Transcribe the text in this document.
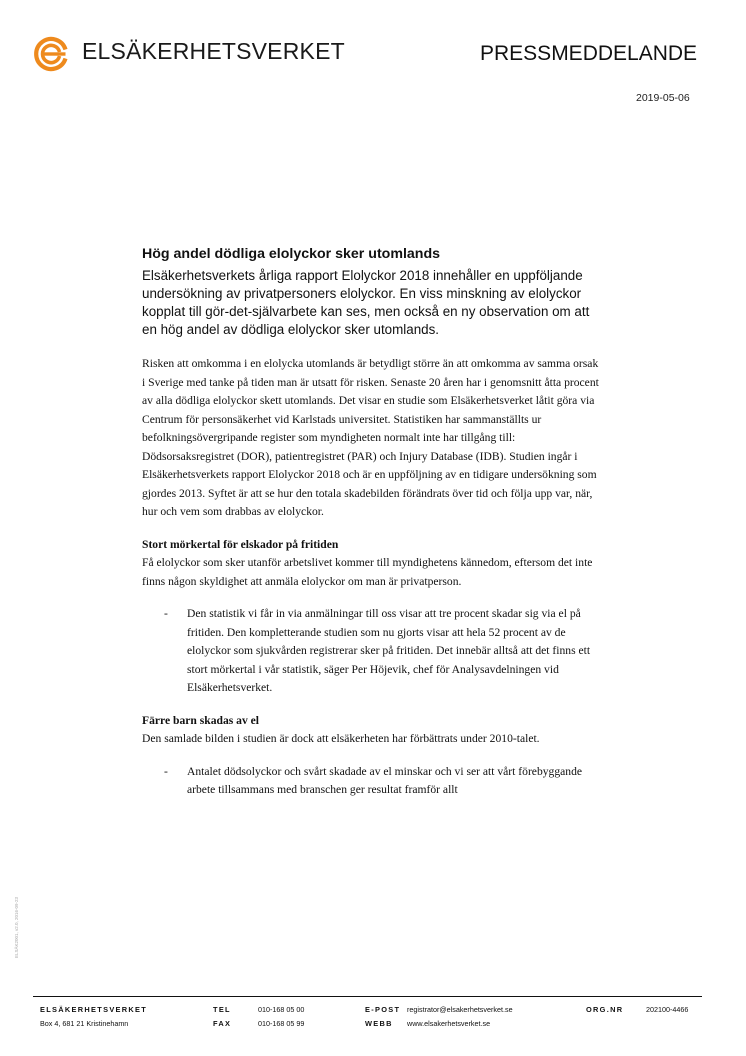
ELSÄKERHETSVERKET	PRESSMEDDELANDE
2019-05-06
Hög andel dödliga elolyckor sker utomlands

Elsäkerhetsverkets årliga rapport Elolyckor 2018 innehåller en uppföljande undersökning av privatpersoners elolyckor. En viss minskning av elolyckor kopplat till gör-det-självarbete kan ses, men också en ny observation om att en hög andel av dödliga elolyckor sker utomlands.

Risken att omkomma i en elolycka utomlands är betydligt större än att omkomma av samma orsak i Sverige med tanke på tiden man är utsatt för risken. Senaste 20 åren har i genomsnitt åtta procent av alla dödliga elolyckor skett utomlands. Det visar en studie som Elsäkerhetsverket låtit göra via Centrum för personsäkerhet vid Karlstads universitet. Statistiken har sammanställts ur befolkningsövergripande register som myndigheten normalt inte har tillgång till: Dödsorsaksregistret (DOR), patientregistret (PAR) och Injury Database (IDB). Studien ingår i Elsäkerhetsverkets rapport Elolyckor 2018 och är en uppföljning av en tidigare undersökning som gjordes 2013. Syftet är att se hur den totala skadebilden förändrats över tid och följa upp var, när, hur och vem som drabbas av elolyckor.

Stort mörkertal för elskador på fritiden

Få elolyckor som sker utanför arbetslivet kommer till myndighetens kännedom, eftersom det inte finns någon skyldighet att anmäla elolyckor om man är privatperson.

- Den statistik vi får in via anmälningar till oss visar att tre procent skadar sig via el på fritiden. Den kompletterande studien som nu gjorts visar att hela 52 procent av de elolyckor som sjukvården registrerar sker på fritiden. Det innebär alltså att det finns ett stort mörkertal i vår statistik, säger Per Höjevik, chef för Analysavdelningen vid Elsäkerhetsverket.

Färre barn skadas av el

Den samlade bilden i studien är dock att elsäkerheten har förbättrats under 2010-talet.

- Antalet dödsolyckor och svårt skadade av el minskar och vi ser att vårt förebyggande arbete tillsammans med branschen ger resultat framför allt
ELSÄK2001, v2.0, 2016-09-23
ELSÄKERHETSVERKET
Box 4, 681 21 Kristinehamn
TEL	010-168 05 00
FAX	010-168 05 99
E-POST registrator@elsakerhetsverket.se
WEBB www.elsakerhetsverket.se
ORG.NR	202100-4466
